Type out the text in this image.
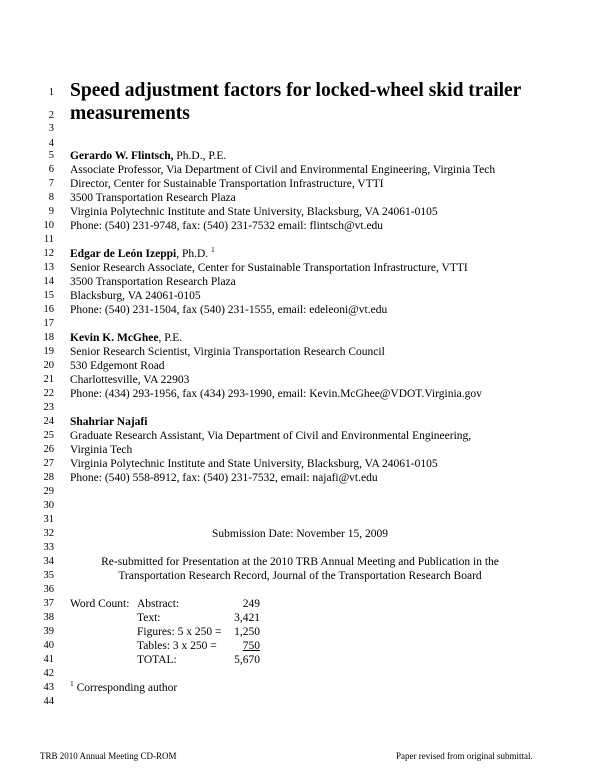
1
2
3
4
5
6
7
8
9
10
11
12
13
14
15
16
17
18
19
20
21
22
23
24
25
26
27
28
29
30
31
32
33
34
35
36
37
38
39
40
41
42
43
44
Speed adjustment factors for locked-wheel skid trailer
measurements
Gerardo W. Flintsch, Ph.D., P.E.
Associate Professor, Via Department of Civil and Environmental Engineering, Virginia Tech
Director, Center for Sustainable Transportation Infrastructure, VTTI
3500 Transportation Research Plaza
Virginia Polytechnic Institute and State University, Blacksburg, VA 24061-0105
Phone: (540) 231-9748, fax: (540) 231-7532 email: flintsch@vt.edu
Edgar de León Izeppi, Ph.D. $^1$
Senior Research Associate, Center for Sustainable Transportation Infrastructure, VTTI
3500 Transportation Research Plaza
Blacksburg, VA 24061-0105
Phone: (540) 231-1504, fax (540) 231-1555, email: edeleoni@vt.edu
Kevin K. McGhee, P.E.
Senior Research Scientist, Virginia Transportation Research Council
530 Edgemont Road
Charlottesville, VA 22903
Phone: (434) 293-1956, fax (434) 293-1990, email: Kevin.McGhee@VDOT.Virginia.gov
Shahriar Najafi
Graduate Research Assistant, Via Department of Civil and Environmental Engineering,
Virginia Tech
Virginia Polytechnic Institute and State University, Blacksburg, VA 24061-0105
Phone: (540) 558-8912, fax: (540) 231-7532, email: najafi@vt.edu
Submission Date: November 15, 2009
Re-submitted for Presentation at the 2010 TRB Annual Meeting and Publication in the
Transportation Research Record, Journal of the Transportation Research Board
Word Count: Abstract:	249
Text:	3,421
Figures: 5 x 250 =	1,250
Tables: 3 x 250 =	750
TOTAL:	5,670
$^1$ Corresponding author
TRB 2010 Annual Meeting CD-ROM	Paper revised from original submittal.
